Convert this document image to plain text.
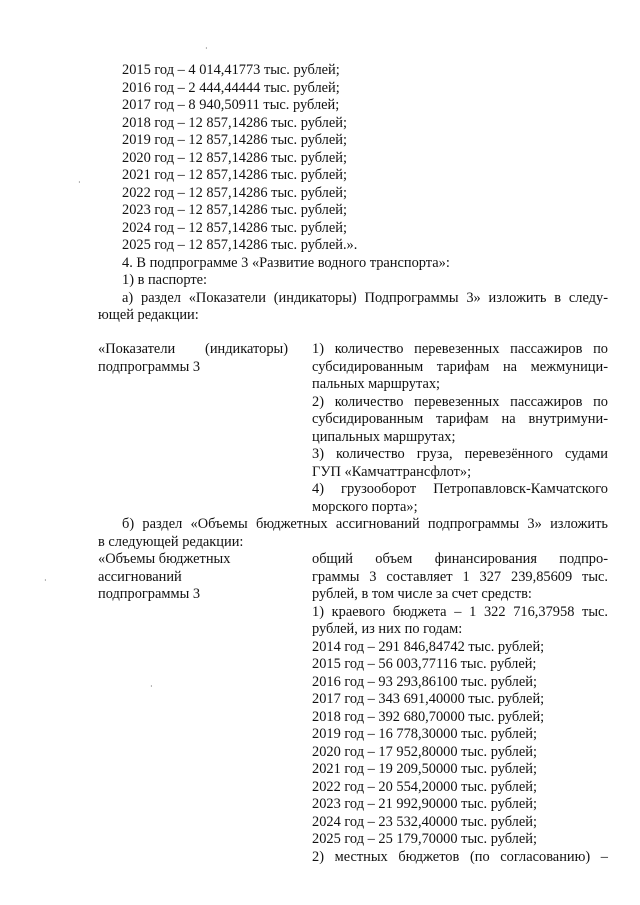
·
·
·
·
2015 год – 4 014,41773 тыс. рублей;
2016 год – 2 444,44444 тыс. рублей;
2017 год – 8 940,50911 тыс. рублей;
2018 год – 12 857,14286 тыс. рублей;
2019 год – 12 857,14286 тыс. рублей;
2020 год – 12 857,14286 тыс. рублей;
2021 год – 12 857,14286 тыс. рублей;
2022 год – 12 857,14286 тыс. рублей;
2023 год – 12 857,14286 тыс. рублей;
2024 год – 12 857,14286 тыс. рублей;
2025 год – 12 857,14286 тыс. рублей.».
4. В подпрограмме 3 «Развитие водного транспорта»:
1) в паспорте:
а) раздел «Показатели (индикаторы) Подпрограммы 3» изложить в следу-
ющей редакции:
«Показатели (индикаторы)
подпрограммы 3
1) количество перевезенных пассажиров по
субсидированным тарифам на межмуници-
пальных маршрутах;
2) количество перевезенных пассажиров по
субсидированным тарифам на внутримуни-
ципальных маршрутах;
3) количество груза, перевезённого судами
ГУП «Камчаттрансфлот»;
4) грузооборот Петропавловск-Камчатского
морского порта»;
б) раздел «Объемы бюджетных ассигнований подпрограммы 3» изложить
в следующей редакции:
«Объемы бюджетных
ассигнований
подпрограммы 3
общий объем финансирования подпро-
граммы 3 составляет 1 327 239,85609 тыс.
рублей, в том числе за счет средств:
1) краевого бюджета – 1 322 716,37958 тыс.
рублей, из них по годам:
2014 год – 291 846,84742 тыс. рублей;
2015 год – 56 003,77116 тыс. рублей;
2016 год – 93 293,86100 тыс. рублей;
2017 год – 343 691,40000 тыс. рублей;
2018 год – 392 680,70000 тыс. рублей;
2019 год – 16 778,30000 тыс. рублей;
2020 год – 17 952,80000 тыс. рублей;
2021 год – 19 209,50000 тыс. рублей;
2022 год – 20 554,20000 тыс. рублей;
2023 год – 21 992,90000 тыс. рублей;
2024 год – 23 532,40000 тыс. рублей;
2025 год – 25 179,70000 тыс. рублей;
2) местных бюджетов (по согласованию) –
